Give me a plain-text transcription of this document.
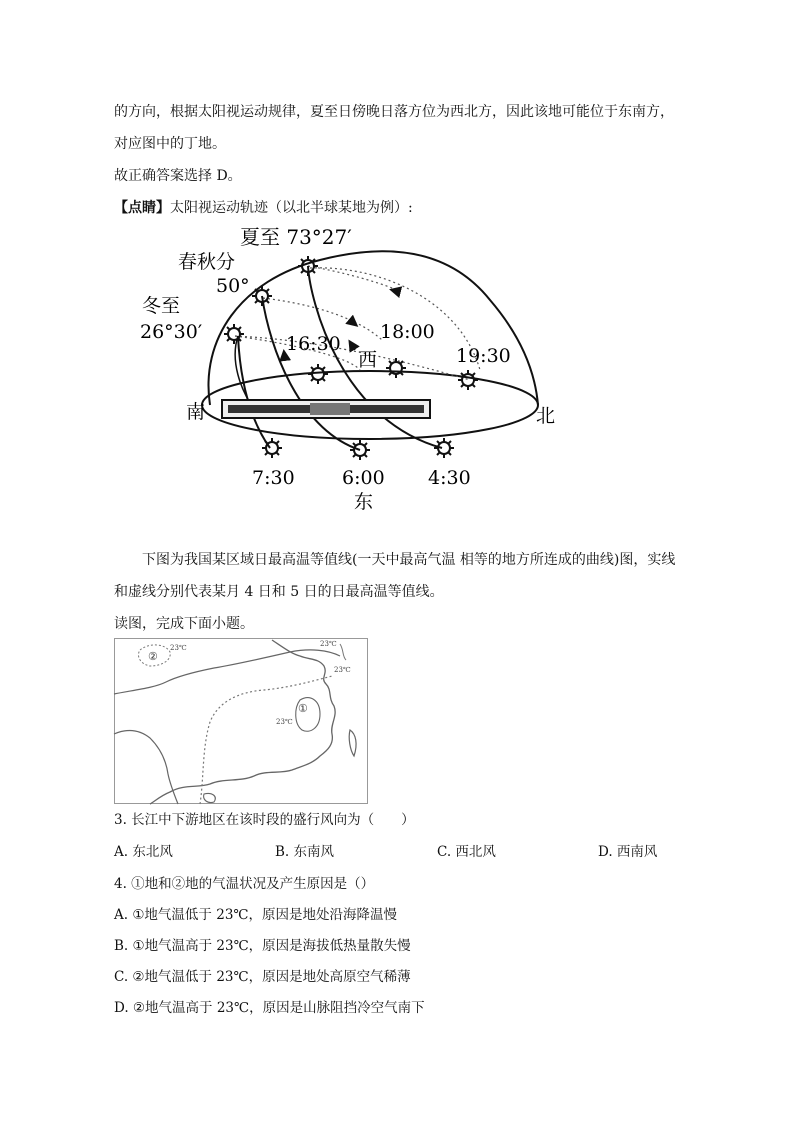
的方向，根据太阳视运动规律，夏至日傍晚日落方位为西北方，因此该地可能位于东南方，
对应图中的丁地。
故正确答案选择 D。
【点睛】太阳视运动轨迹（以北半球某地为例）:
夏至 73°27′
春秋分
50°
冬至
26°30′
16:30
18:00
19:30
西
南	北
7:30 6:00 4:30
东
下图为我国某区域日最高温等值线(一天中最高气温 相等的地方所连成的曲线)图，实线
和虚线分别代表某月 4 日和 5 日的日最高温等值线。
读图，完成下面小题。
23℃	23℃
23℃
23℃
①
②
3. 长江中下游地区在该时段的盛行风向为（　　）
A. 东北风	B. 东南风	C. 西北风	D. 西南风
4. ①地和②地的气温状况及产生原因是（）
A. ①地气温低于 23℃，原因是地处沿海降温慢
B. ①地气温高于 23℃，原因是海拔低热量散失慢
C. ②地气温低于 23℃，原因是地处高原空气稀薄
D. ②地气温高于 23℃，原因是山脉阻挡冷空气南下
